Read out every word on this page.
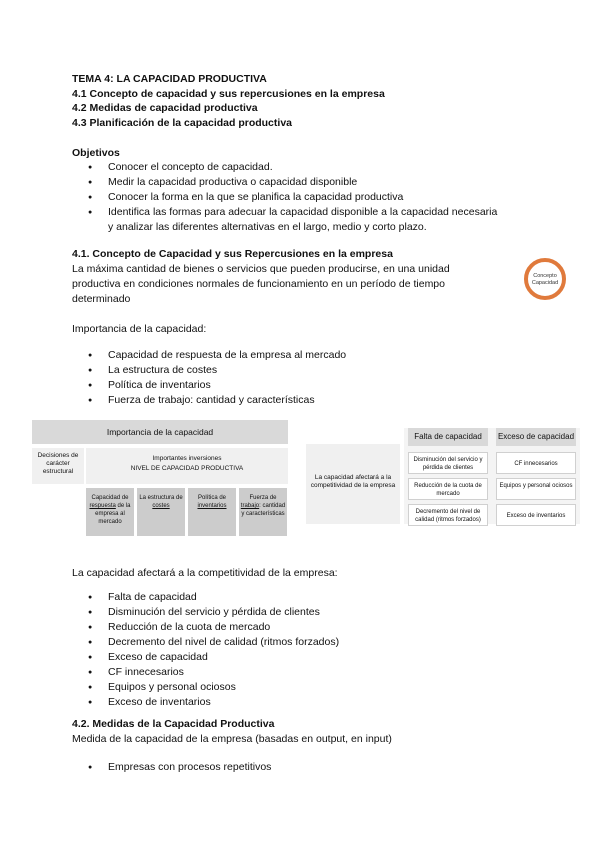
TEMA 4: LA CAPACIDAD PRODUCTIVA
4.1 Concepto de capacidad y sus repercusiones en la empresa
4.2 Medidas de capacidad productiva
4.3 Planificación de la capacidad productiva
Objetivos
● Conocer el concepto de capacidad.
● Medir la capacidad productiva o capacidad disponible
● Conocer la forma en la que se planifica la capacidad productiva
● Identifica las formas para adecuar la capacidad disponible a la capacidad necesaria
y analizar las diferentes alternativas en el largo, medio y corto plazo.
4.1. Concepto de Capacidad y sus Repercusiones en la empresa
La máxima cantidad de bienes o servicios que pueden producirse, en una unidad
productiva en condiciones normales de funcionamiento en un período de tiempo
determinado
Concepto
Capacidad
Importancia de la capacidad:
● Capacidad de respuesta de la empresa al mercado
● La estructura de costes
● Política de inventarios
● Fuerza de trabajo: cantidad y características
Importancia de la capacidad
Decisiones de carácter estructural
Importantes inversiones
NIVEL DE CAPACIDAD PRODUCTIVA
Capacidad de respuesta de la empresa al mercado
La estructura de costes
Política de inventarios
Fuerza de trabajo: cantidad y características
La capacidad afectará a la competitividad de la empresa
Falta de capacidad	Exceso de capacidad
Disminución del servicio y pérdida de clientes
Reducción de la cuota de mercado
Decremento del nivel de calidad (ritmos forzados)
CF innecesarios
Equipos y personal ociosos
Exceso de inventarios
La capacidad afectará a la competitividad de la empresa:
● Falta de capacidad
● Disminución del servicio y pérdida de clientes
● Reducción de la cuota de mercado
● Decremento del nivel de calidad (ritmos forzados)
● Exceso de capacidad
● CF innecesarios
● Equipos y personal ociosos
● Exceso de inventarios
4.2. Medidas de la Capacidad Productiva
Medida de la capacidad de la empresa (basadas en output, en input)
● Empresas con procesos repetitivos
